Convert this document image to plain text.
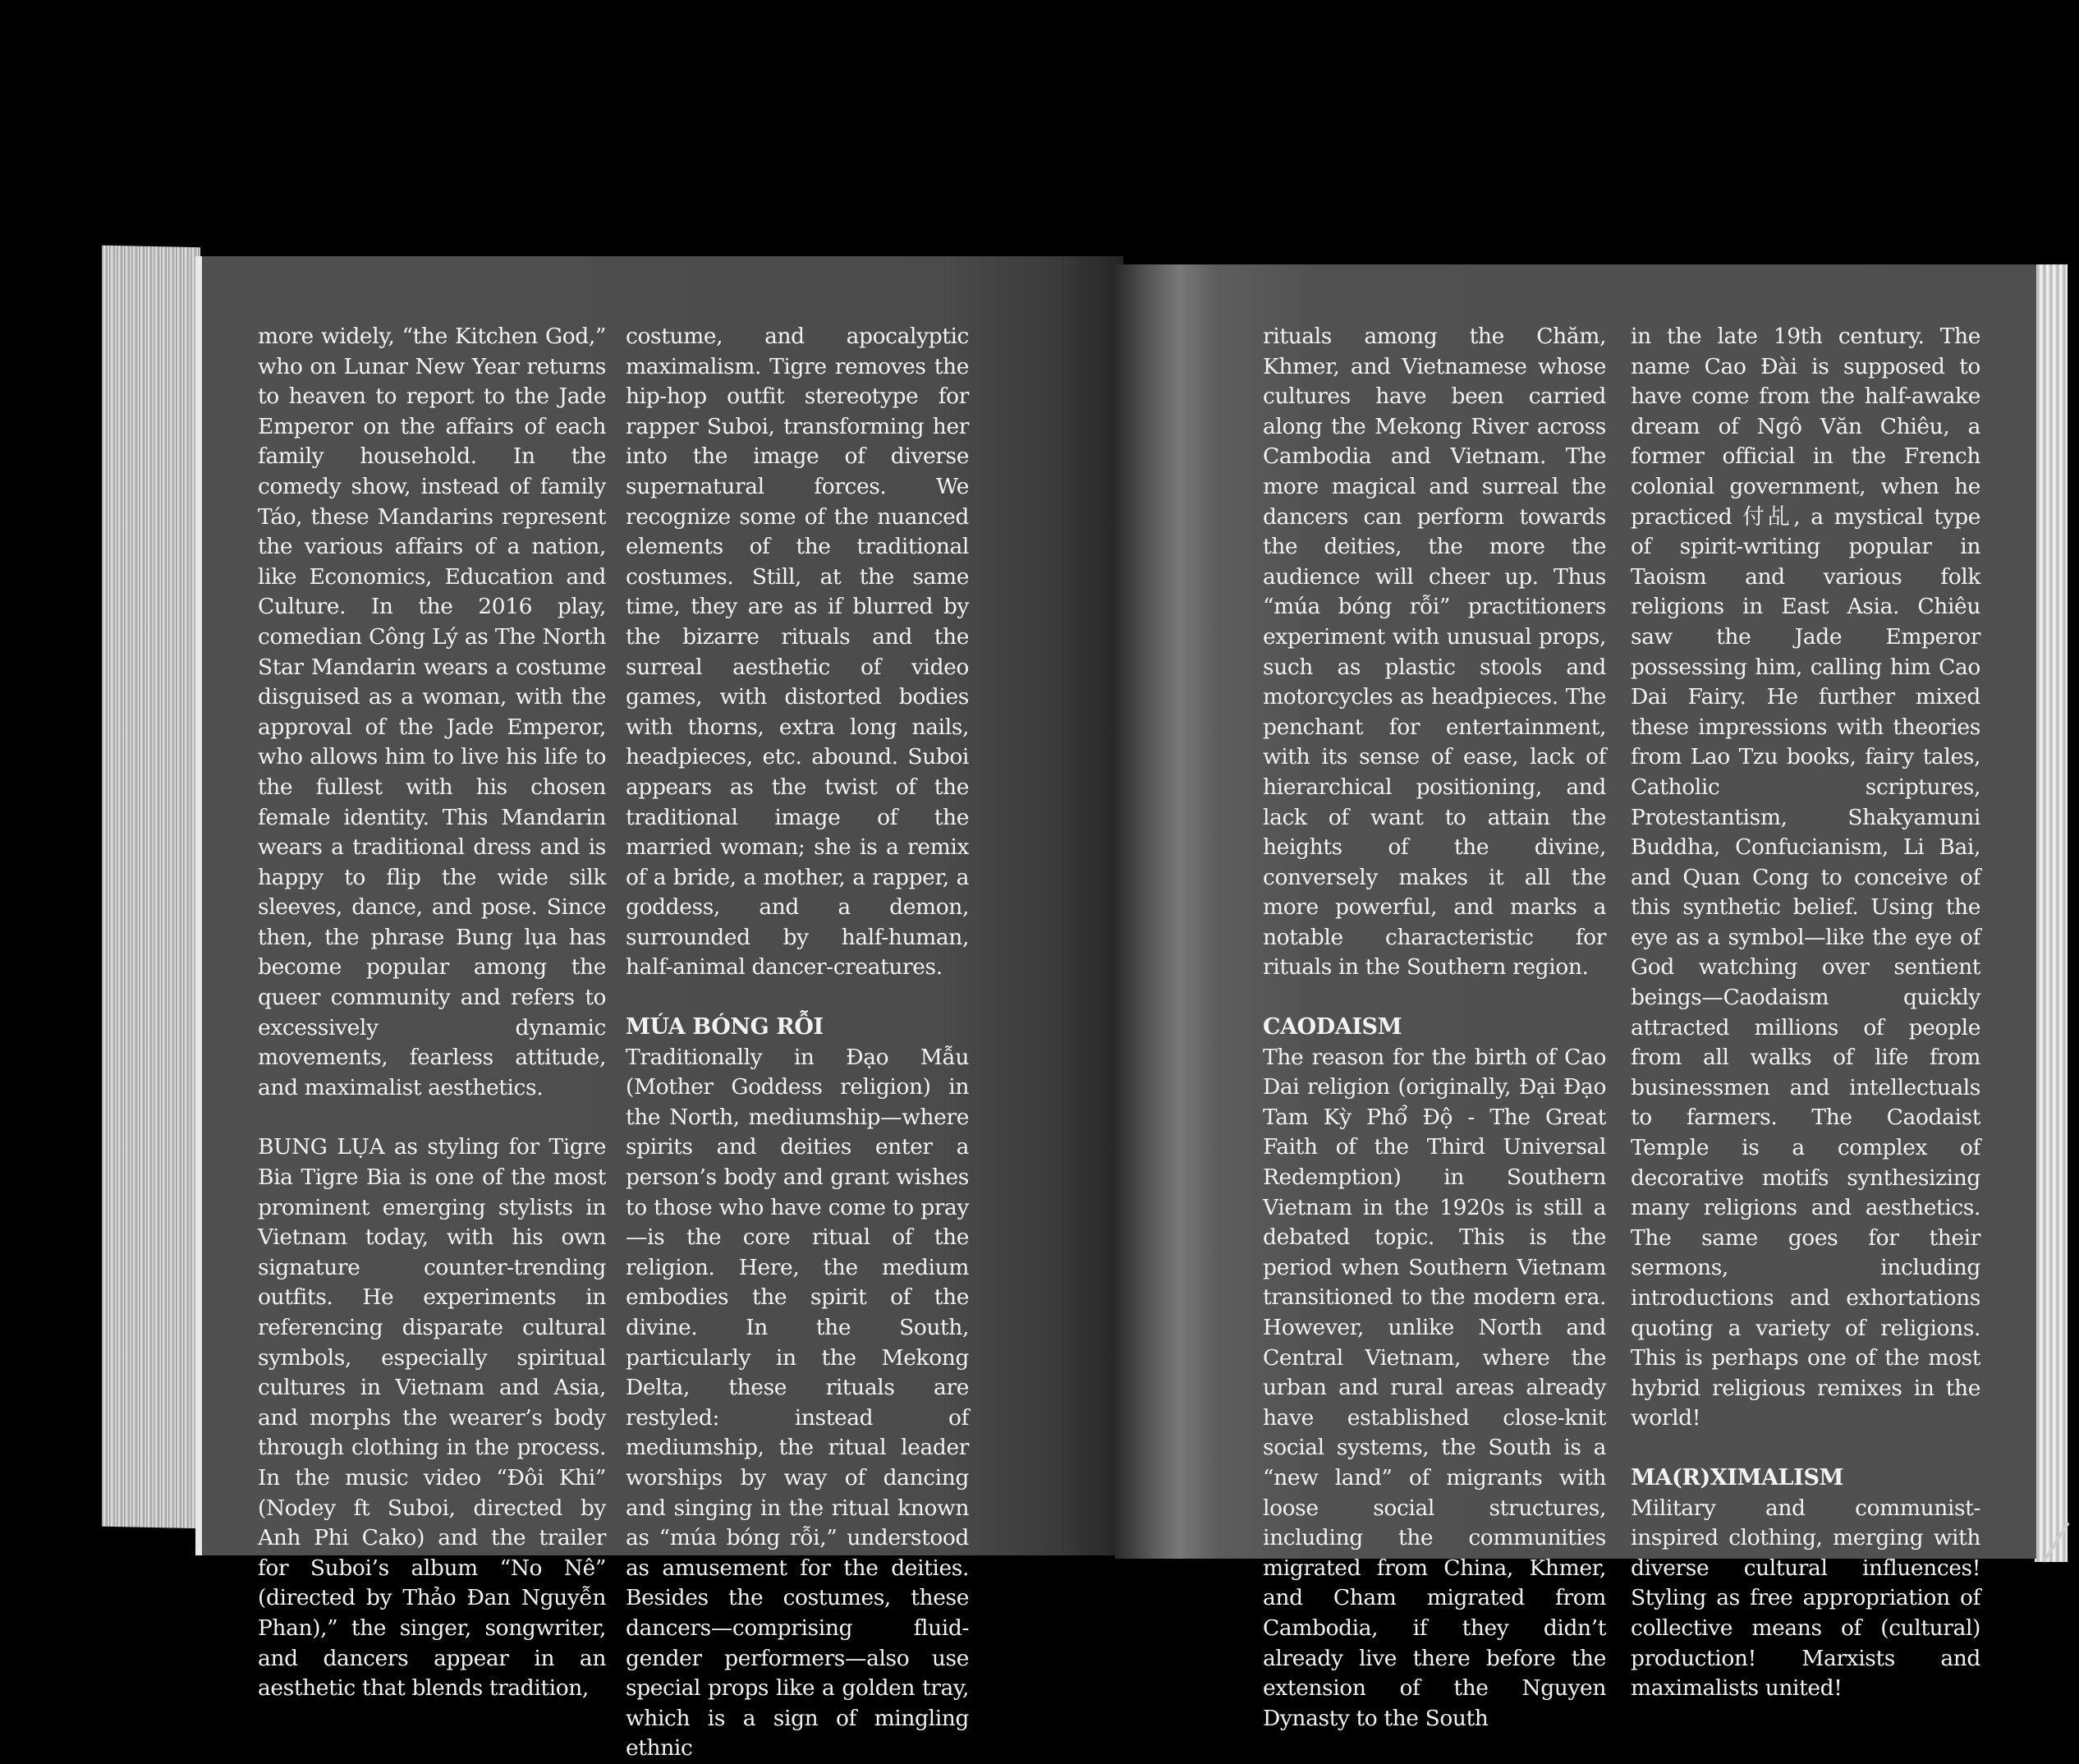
more widely, “the Kitchen God,” who on Lunar New Year returns to heaven to report to the Jade Emperor on the affairs of each family household. In the comedy show, instead of family Táo, these Mandarins represent the various affairs of a nation, like Economics, Education and Culture. In the 2016 play, comedian Công Lý as The North Star Mandarin wears a costume disguised as a woman, with the approval of the Jade Emperor, who allows him to live his life to the fullest with his chosen female identity. This Mandarin wears a traditional dress and is happy to flip the wide silk sleeves, dance, and pose. Since then, the phrase Bung lụa has become popular among the queer community and refers to excessively dynamic movements, fearless attitude, and maximalist aesthetics.

BUNG LỤA as styling for Tigre Bia Tigre Bia is one of the most prominent emerging stylists in Vietnam today, with his own signature counter-trending outfits. He experiments in referencing disparate cultural symbols, especially spiritual cultures in Vietnam and Asia, and morphs the wearer’s body through clothing in the process. In the music video “Đôi Khi” (Nodey ft Suboi, directed by Anh Phi Cako) and the trailer for Suboi’s album “No Nê” (directed by Thảo Đan Nguyễn Phan),” the singer, songwriter, and dancers appear in an aesthetic that blends tradition,

costume, and apocalyptic maximalism. Tigre removes the hip-hop outfit stereotype for rapper Suboi, transforming her into the image of diverse supernatural forces. We recognize some of the nuanced elements of the traditional costumes. Still, at the same time, they are as if blurred by the bizarre rituals and the surreal aesthetic of video games, with distorted bodies with thorns, extra long nails, headpieces, etc. abound. Suboi appears as the twist of the traditional image of the married woman; she is a remix of a bride, a mother, a rapper, a goddess, and a demon, surrounded by half-human, half-animal dancer-creatures.

MÚA BÓNG RỖI

Traditionally in Đạo Mẫu (Mother Goddess religion) in the North, mediumship—where spirits and deities enter a person’s body and grant wishes to those who have come to pray—is the core ritual of the religion. Here, the medium embodies the spirit of the divine. In the South, particularly in the Mekong Delta, these rituals are restyled: instead of mediumship, the ritual leader worships by way of dancing and singing in the ritual known as “múa bóng rỗi,” understood as amusement for the deities. Besides the costumes, these dancers—comprising fluid-gender performers—also use special props like a golden tray, which is a sign of mingling ethnic

rituals among the Chăm, Khmer, and Vietnamese whose cultures have been carried along the Mekong River across Cambodia and Vietnam. The more magical and surreal the dancers can perform towards the deities, the more the audience will cheer up. Thus “múa bóng rỗi” practitioners experiment with unusual props, such as plastic stools and motorcycles as headpieces. The penchant for entertainment, with its sense of ease, lack of hierarchical positioning, and lack of want to attain the heights of the divine, conversely makes it all the more powerful, and marks a notable characteristic for rituals in the Southern region.

CAODAISM

The reason for the birth of Cao Dai religion (originally, Đại Đạo Tam Kỳ Phổ Độ - The Great Faith of the Third Universal Redemption) in Southern Vietnam in the 1920s is still a debated topic. This is the period when Southern Vietnam transitioned to the modern era. However, unlike North and Central Vietnam, where the urban and rural areas already have established close-knit social systems, the South is a “new land” of migrants with loose social structures, including the communities migrated from China, Khmer, and Cham migrated from Cambodia, if they didn’t already live there before the extension of the Nguyen Dynasty to the South

in the late 19th century. The name Cao Đài is supposed to have come from the half-awake dream of Ngô Văn Chiêu, a former official in the French colonial government, when he practiced 付乩, a mystical type of spirit-writing popular in Taoism and various folk religions in East Asia. Chiêu saw the Jade Emperor possessing him, calling him Cao Dai Fairy. He further mixed these impressions with theories from Lao Tzu books, fairy tales, Catholic scriptures, Protestantism, Shakyamuni Buddha, Confucianism, Li Bai, and Quan Cong to conceive of this synthetic belief. Using the eye as a symbol—like the eye of God watching over sentient beings—Caodaism quickly attracted millions of people from all walks of life from businessmen and intellectuals to farmers. The Caodaist Temple is a complex of decorative motifs synthesizing many religions and aesthetics. The same goes for their sermons, including introductions and exhortations quoting a variety of religions. This is perhaps one of the most hybrid religious remixes in the world!

MA(R)XIMALISM

Military and communist-inspired clothing, merging with diverse cultural influences! Styling as free appropriation of collective means of (cultural) production! Marxists and maximalists united!
